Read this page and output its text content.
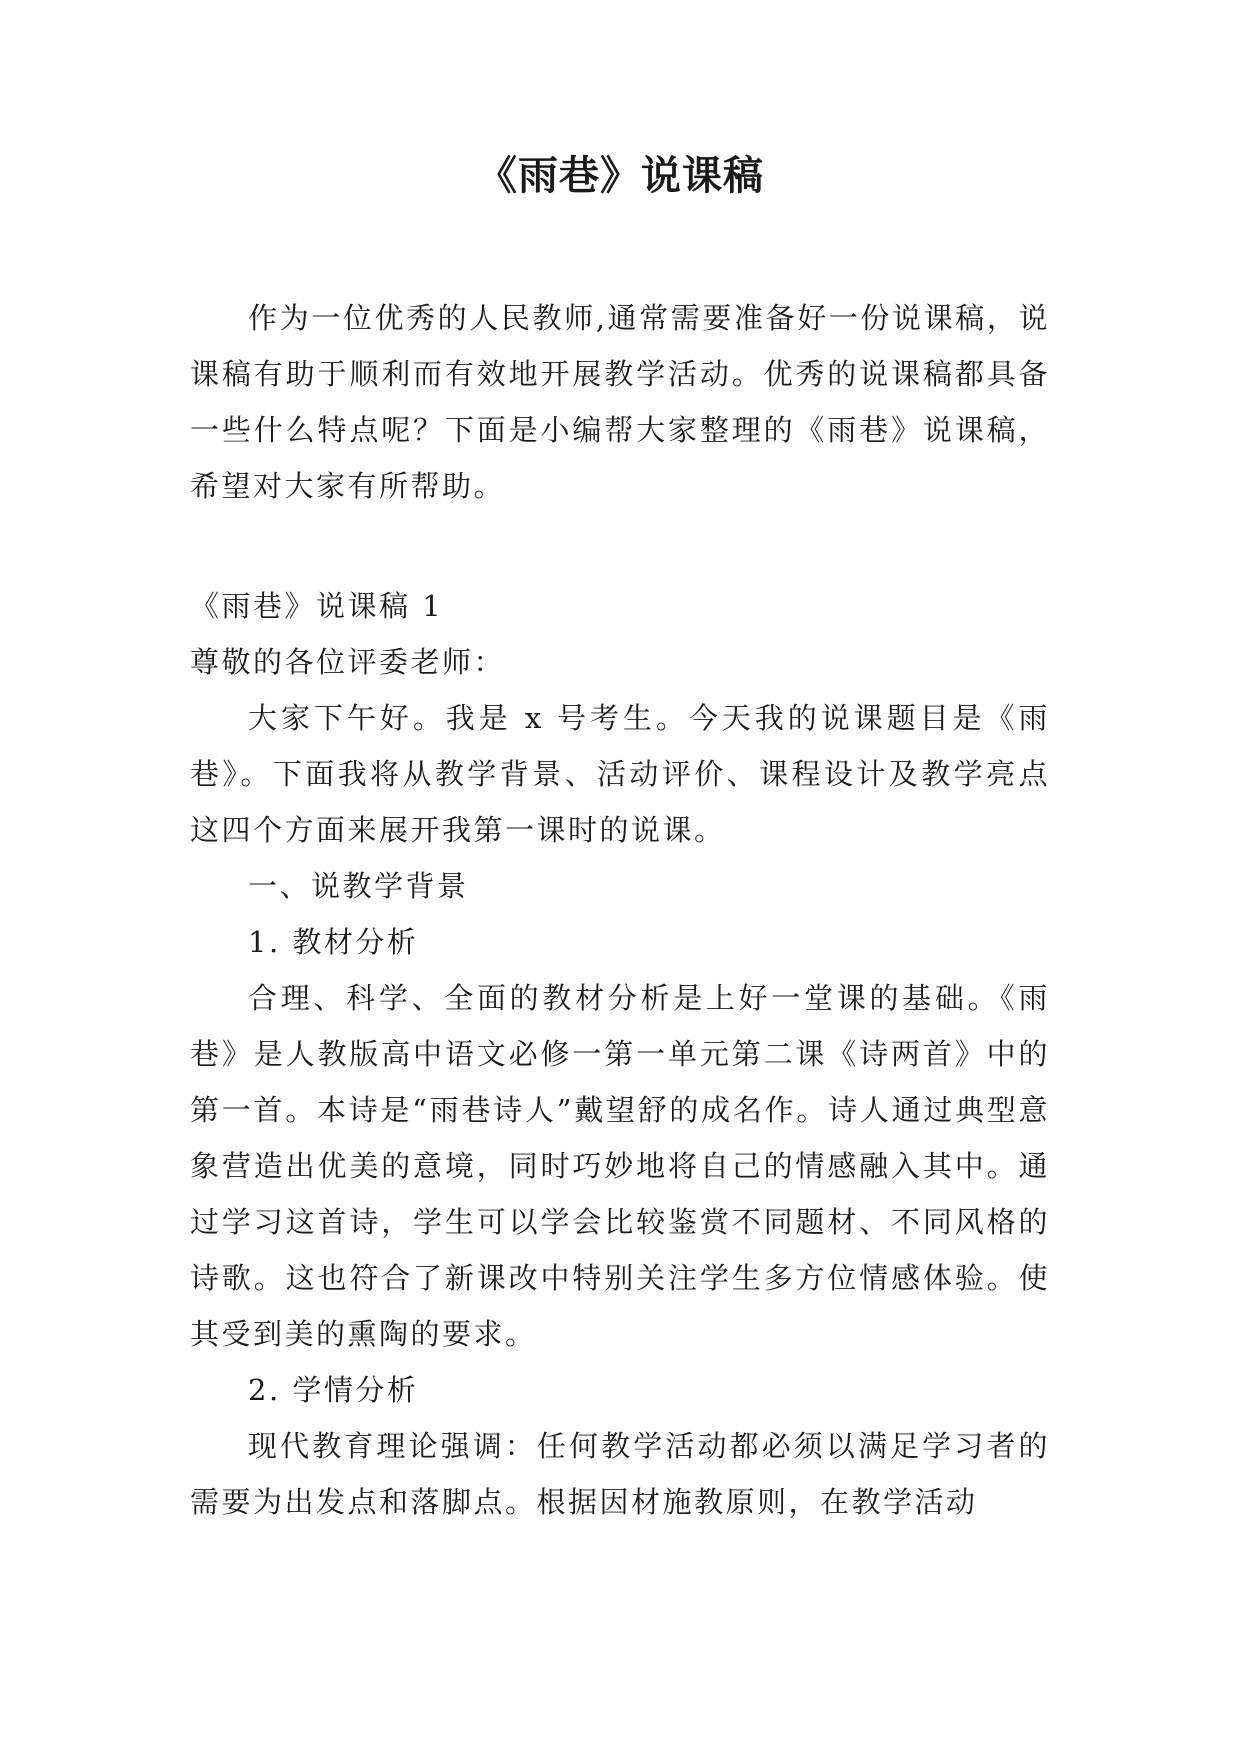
《雨巷》说课稿

作为一位优秀的人民教师,通常需要准备好一份说课稿，说课稿有助于顺利而有效地开展教学活动。优秀的说课稿都具备一些什么特点呢？下面是小编帮大家整理的《雨巷》说课稿，希望对大家有所帮助。

《雨巷》说课稿 1

尊敬的各位评委老师：

大家下午好。我是 x 号考生。今天我的说课题目是《雨巷》。下面我将从教学背景、活动评价、课程设计及教学亮点这四个方面来展开我第一课时的说课。

一、说教学背景

1. 教材分析

合理、科学、全面的教材分析是上好一堂课的基础。《雨巷》是人教版高中语文必修一第一单元第二课《诗两首》中的第一首。本诗是“雨巷诗人”戴望舒的成名作。诗人通过典型意象营造出优美的意境，同时巧妙地将自己的情感融入其中。通过学习这首诗，学生可以学会比较鉴赏不同题材、不同风格的诗歌。这也符合了新课改中特别关注学生多方位情感体验。使其受到美的熏陶的要求。

2. 学情分析

现代教育理论强调：任何教学活动都必须以满足学习者的需要为出发点和落脚点。根据因材施教原则，在教学活动
